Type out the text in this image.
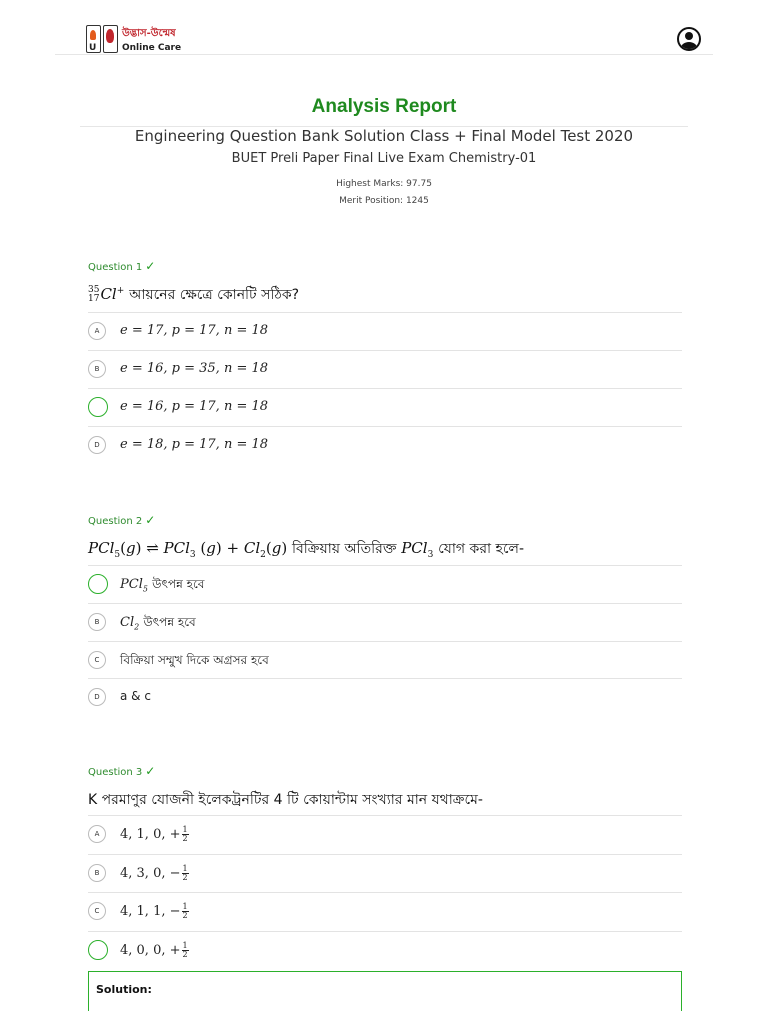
U
উদ্ভাস-উন্মেষ
Online Care
Analysis Report
Engineering Question Bank Solution Class + Final Model Test 2020
BUET Preli Paper Final Live Exam Chemistry-01
Highest Marks: 97.75
Merit Position: 1245
Question 1 ✓
35
17 Cl+ আয়নের ক্ষেত্রে কোনটি সঠিক?
A	e = 17, p = 17, n = 18
B	e = 16, p = 35, n = 18
e = 16, p = 17, n = 18
D	e = 18, p = 17, n = 18
Question 2 ✓
PCl$_5$(g) ⇌ PCl$_3$ $(g) + Cl_2(g)$ বিক্রিয়ায় অতিরিক্ত PCl$_3$ যোগ করা হলে-
PCl$_5$ উৎপন্ন হবে
B	$Cl_2$ উৎপন্ন হবে
C	বিক্রিয়া সম্মুখ দিকে অগ্রসর হবে
D	a & c
Question 3 ✓
K পরমাণুর যোজনী ইলেকট্রনটির 4 টি কোয়ান্টাম সংখ্যার মান যথাক্রমে-
A	4, 1, 0, + $\frac{1}{2}$
B	4, 3, 0, − $\frac{1}{2}$
C	4, 1, 1, − $\frac{1}{2}$
4, 0, 0, + $\frac{1}{2}$
Solution:
